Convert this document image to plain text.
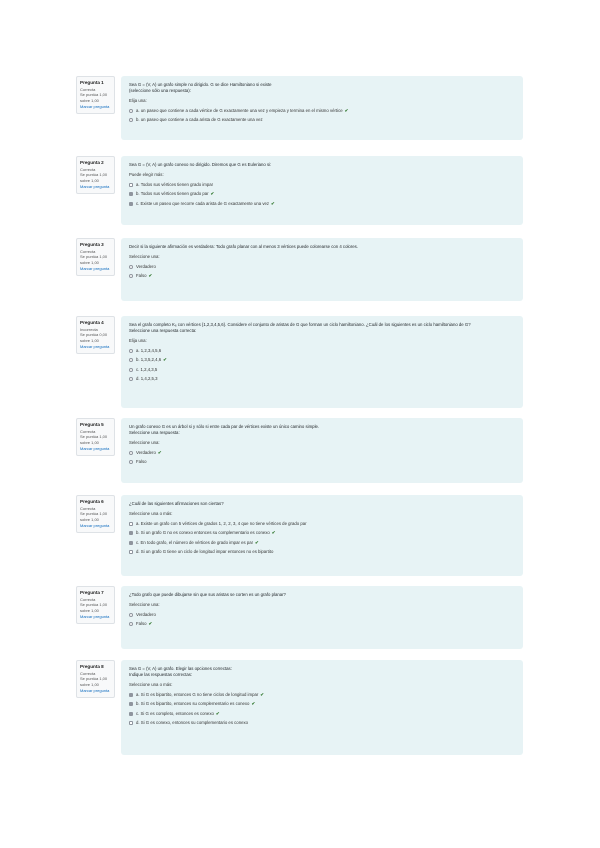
Pregunta 1
Correcta
Se puntúa 1,00 sobre 1,00
Marcar pregunta

Sea G = (V, A) un grafo simple no dirigido. G se dice Hamiltoniano si existe

(seleccione sólo una respuesta):

Elija una:

a. un paseo que contiene a cada vértice de G exactamente una vez y empieza y termina en el mismo vértice ✔
b. un paseo que contiene a cada arista de G exactamente una vez
Pregunta 2
Correcta
Se puntúa 1,00 sobre 1,00
Marcar pregunta

Sea G = (V, A) un grafo conexo no dirigido. Diremos que G es Euleriano si:

Puede elegir más:

a. Todos sus vértices tienen grado impar
b. Todos sus vértices tienen grado par ✔
c. Existe un paseo que recorre cada arista de G exactamente una vez ✔
Pregunta 3
Correcta
Se puntúa 1,00 sobre 1,00
Marcar pregunta

Decir si la siguiente afirmación es verdadera: Todo grafo planar con al menos 3 vértices puede colorearse con 4 colores.

Seleccione una:

Verdadero
Falso ✔
Pregunta 4
Incorrecta
Se puntúa 0,00 sobre 1,00
Marcar pregunta

Sea el grafo completo K₆ con vértices {1,2,3,4,5,6}. Considere el conjunto de aristas de G que forman un ciclo hamiltoniano. ¿Cuál de los siguientes es un ciclo hamiltoniano de G?

Seleccione una respuesta correcta:

Elija una:

a. 1,2,3,4,5,6
b. 1,3,5,2,4,6 ✔
c. 1,2,4,3,5
d. 1,4,2,5,3
Pregunta 5
Correcta
Se puntúa 1,00 sobre 1,00
Marcar pregunta

Un grafo conexo G es un árbol si y sólo si entre cada par de vértices existe un único camino simple.

Seleccione una respuesta:

Seleccione una:

Verdadero ✔
Falso
Pregunta 6
Correcta
Se puntúa 1,00 sobre 1,00
Marcar pregunta

¿Cuál de las siguientes afirmaciones son ciertas?

Seleccione una o más:

a. Existe un grafo con 5 vértices de grados 1, 2, 2, 3, 4 que no tiene vértices de grado par
b. Si un grafo G no es conexo entonces su complementario es conexo ✔
c. En todo grafo, el número de vértices de grado impar es par ✔
d. Si un grafo G tiene un ciclo de longitud impar entonces no es bipartito
Pregunta 7
Correcta
Se puntúa 1,00 sobre 1,00
Marcar pregunta

¿Todo grafo que puede dibujarse sin que sus aristas se corten es un grafo planar?

Seleccione una:

Verdadero
Falso ✔
Pregunta 8
Correcta
Se puntúa 1,00 sobre 1,00
Marcar pregunta

Sea G = (V, A) un grafo. Elegir las opciones correctas:

Indique las respuestas correctas:

Seleccione una o más:

a. Si G es bipartito, entonces G no tiene ciclos de longitud impar ✔
b. Si G es bipartito, entonces su complementario es conexo ✔
c. Si G es completo, entonces es conexo ✔
d. Si G es conexo, entonces su complementario es conexo
